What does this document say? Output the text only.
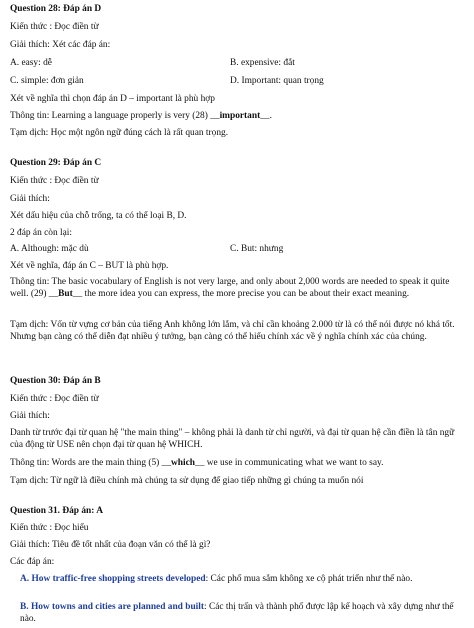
Question 28: Đáp án D
Kiến thức : Đọc điền từ
Giải thích: Xét các đáp án:
A. easy: dễ	B. expensive: đắt
C. simple: đơn giản	D. Important: quan trọng
Xét về nghĩa thì chọn đáp án D – important là phù hợp
Thông tin: Learning a language properly is very (28) __important__.
Tạm dịch: Học một ngôn ngữ đúng cách là rất quan trọng.
Question 29: Đáp án C
Kiến thức : Đọc điền từ
Giải thích:
Xét dấu hiệu của chỗ trống, ta có thể loại B, D.
2 đáp án còn lại:
A. Although: mặc dù	C. But: nhưng
Xét về nghĩa, đáp án C – BUT là phù hợp.
Thông tin: The basic vocabulary of English is not very large, and only about 2,000 words are needed to speak it quite well. (29) __But__ the more idea you can express, the more precise you can be about their exact meaning.
Tạm dịch: Vốn từ vựng cơ bản của tiếng Anh không lớn lắm, và chỉ cần khoảng 2.000 từ là có thể nói được nó khá tốt. Nhưng bạn càng có thể diễn đạt nhiều ý tưởng, bạn càng có thể hiểu chính xác về ý nghĩa chính xác của chúng.
Question 30: Đáp án B
Kiến thức : Đọc điền từ
Giải thích:
Danh từ trước đại từ quan hệ "the main thing" – không phải là danh từ chỉ người, và đại từ quan hệ cần điền là tân ngữ của động từ USE nên chọn đại từ quan hệ WHICH.
Thông tin: Words are the main thing (5) __which__ we use in communicating what we want to say.
Tạm dịch: Từ ngữ là điều chính mà chúng ta sử dụng để giao tiếp những gì chúng ta muốn nói
Question 31. Đáp án: A
Kiến thức : Đọc hiểu
Giải thích: Tiêu đề tốt nhất của đoạn văn có thể là gì?
Các đáp án:
A. How traffic-free shopping streets developed: Các phố mua sắm không xe cộ phát triển như thế nào.
B. How towns and cities are planned and built: Các thị trấn và thành phố được lập kế hoạch và xây dựng như thế nào.
